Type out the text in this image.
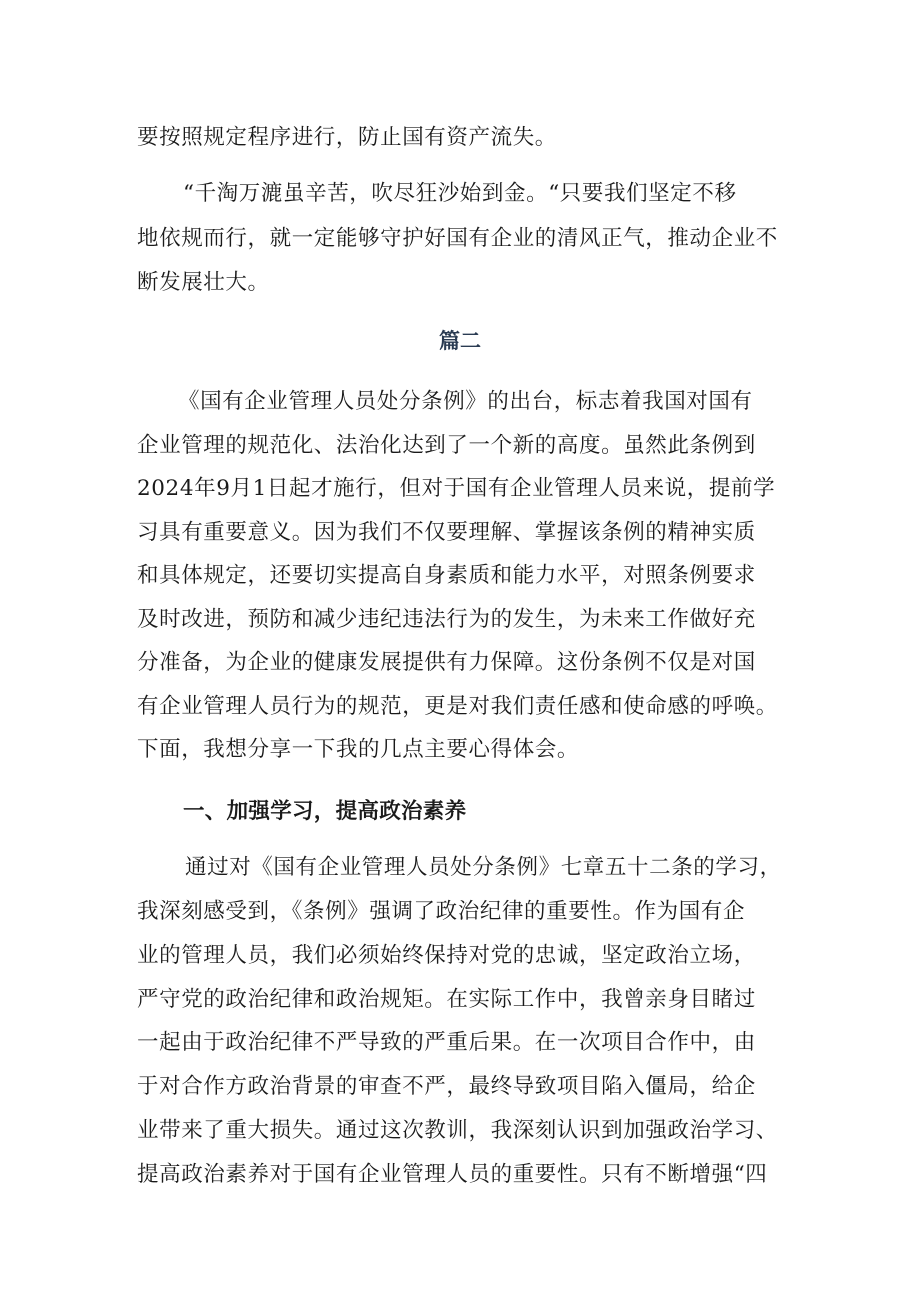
要按照规定程序进行，防止国有资产流失。

“千淘万漉虽辛苦，吹尽狂沙始到金。“只要我们坚定不移

地依规而行，就一定能够守护好国有企业的清风正气，推动企业不

断发展壮大。

篇二

《国有企业管理人员处分条例》的出台，标志着我国对国有

企业管理的规范化、法治化达到了一个新的高度。虽然此条例到

2024年9月1日起才施行，但对于国有企业管理人员来说，提前学

习具有重要意义。因为我们不仅要理解、掌握该条例的精神实质

和具体规定，还要切实提高自身素质和能力水平，对照条例要求

及时改进，预防和减少违纪违法行为的发生，为未来工作做好充

分准备，为企业的健康发展提供有力保障。这份条例不仅是对国

有企业管理人员行为的规范，更是对我们责任感和使命感的呼唤。

下面，我想分享一下我的几点主要心得体会。

一、加强学习，提高政治素养

通过对《国有企业管理人员处分条例》七章五十二条的学习，

我深刻感受到，《条例》强调了政治纪律的重要性。作为国有企

业的管理人员，我们必须始终保持对党的忠诚，坚定政治立场，

严守党的政治纪律和政治规矩。在实际工作中，我曾亲身目睹过

一起由于政治纪律不严导致的严重后果。在一次项目合作中，由

于对合作方政治背景的审查不严，最终导致项目陷入僵局，给企

业带来了重大损失。通过这次教训，我深刻认识到加强政治学习、

提高政治素养对于国有企业管理人员的重要性。只有不断增强“四
